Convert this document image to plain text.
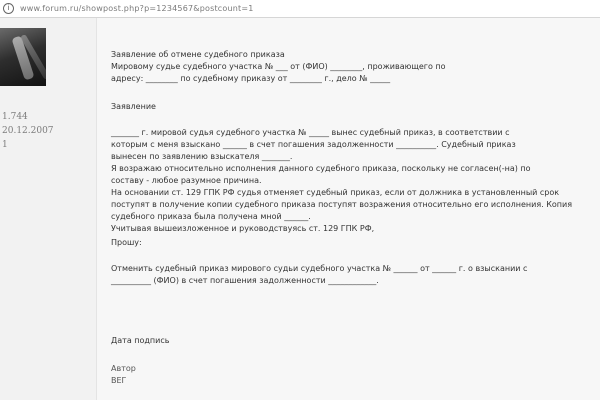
i	www.forum.ru/showpost.php?p=1234567&postcount=1
1.744
20.12.2007
1
Заявление об отмене судебного приказа
Мировому судье судебного участка № ___ от (ФИО) ________, проживающего по
адресу: ________ по судебному приказу от ________ г., дело № _____
Заявление
_______ г. мировой судья судебного участка № _____ вынес судебный приказ, в соответствии с
которым с меня взыскано ______ в счет погашения задолженности __________. Судебный приказ
вынесен по заявлению взыскателя _______.
Я возражаю относительно исполнения данного судебного приказа, поскольку не согласен(-на) по
составу - любое разумное причина.
На основании ст. 129 ГПК РФ судья отменяет судебный приказ, если от должника в установленный срок
поступят в получение копии судебного приказа поступят возражения относительно его исполнения. Копия
судебного приказа была получена мной ______.
Учитывая вышеизложенное и руководствуясь ст. 129 ГПК РФ,
Прошу:
Отменить судебный приказ мирового судьи судебного участка № ______ от ______ г. о взыскании с
__________ (ФИО) в счет погашения задолженности ____________.
Дата подпись
Автор
ВЕГ
